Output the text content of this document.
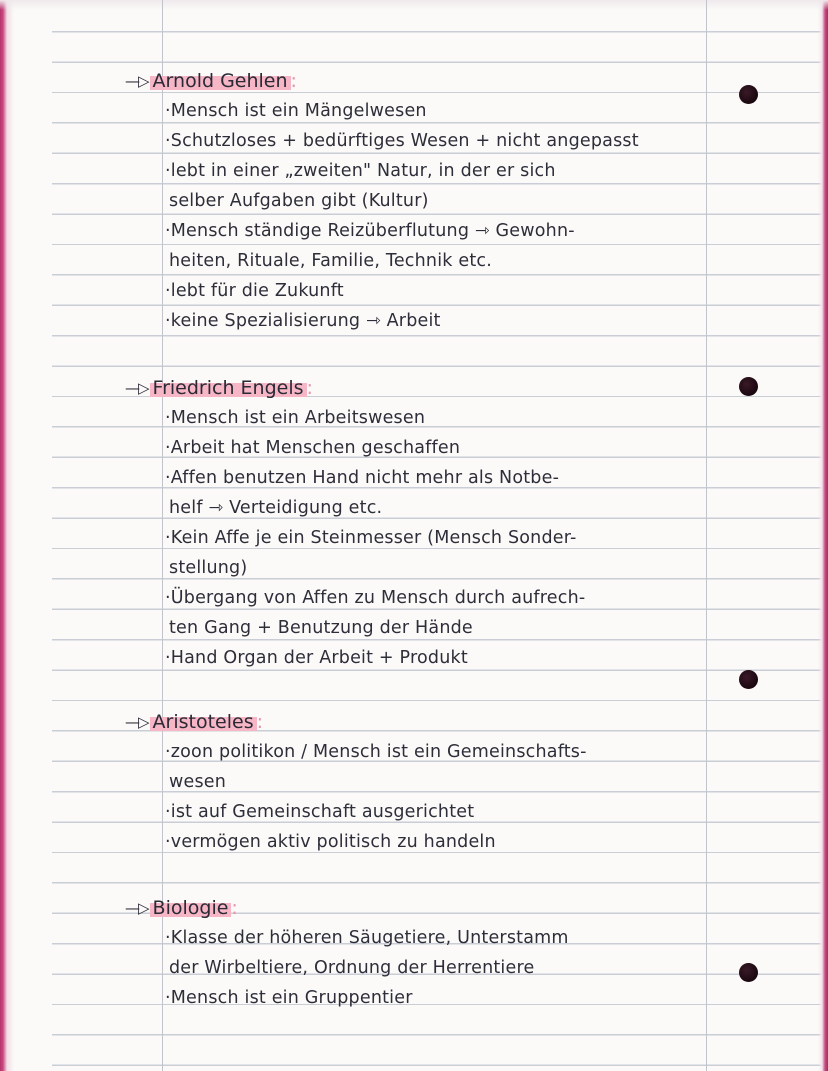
—▷ Arnold Gehlen :
·Mensch ist ein Mängelwesen
·Schutzloses + bedürftiges Wesen + nicht angepasst
·lebt in einer „zweiten" Natur, in der er sich
selber Aufgaben gibt (Kultur)
·Mensch ständige Reizüberflutung ⇾ Gewohn-
heiten, Rituale, Familie, Technik etc.
·lebt für die Zukunft
·keine Spezialisierung ⇾ Arbeit
—▷ Friedrich Engels :
·Mensch ist ein Arbeitswesen
·Arbeit hat Menschen geschaffen
·Affen benutzen Hand nicht mehr als Notbe-
helf ⇾ Verteidigung etc.
·Kein Affe je ein Steinmesser (Mensch Sonder-
stellung)
·Übergang von Affen zu Mensch durch aufrech-
ten Gang + Benutzung der Hände
·Hand Organ der Arbeit + Produkt
—▷ Aristoteles :
·zoon politikon / Mensch ist ein Gemeinschafts-
wesen
·ist auf Gemeinschaft ausgerichtet
·vermögen aktiv politisch zu handeln
—▷ Biologie :
·Klasse der höheren Säugetiere, Unterstamm
der Wirbeltiere, Ordnung der Herrentiere
·Mensch ist ein Gruppentier
